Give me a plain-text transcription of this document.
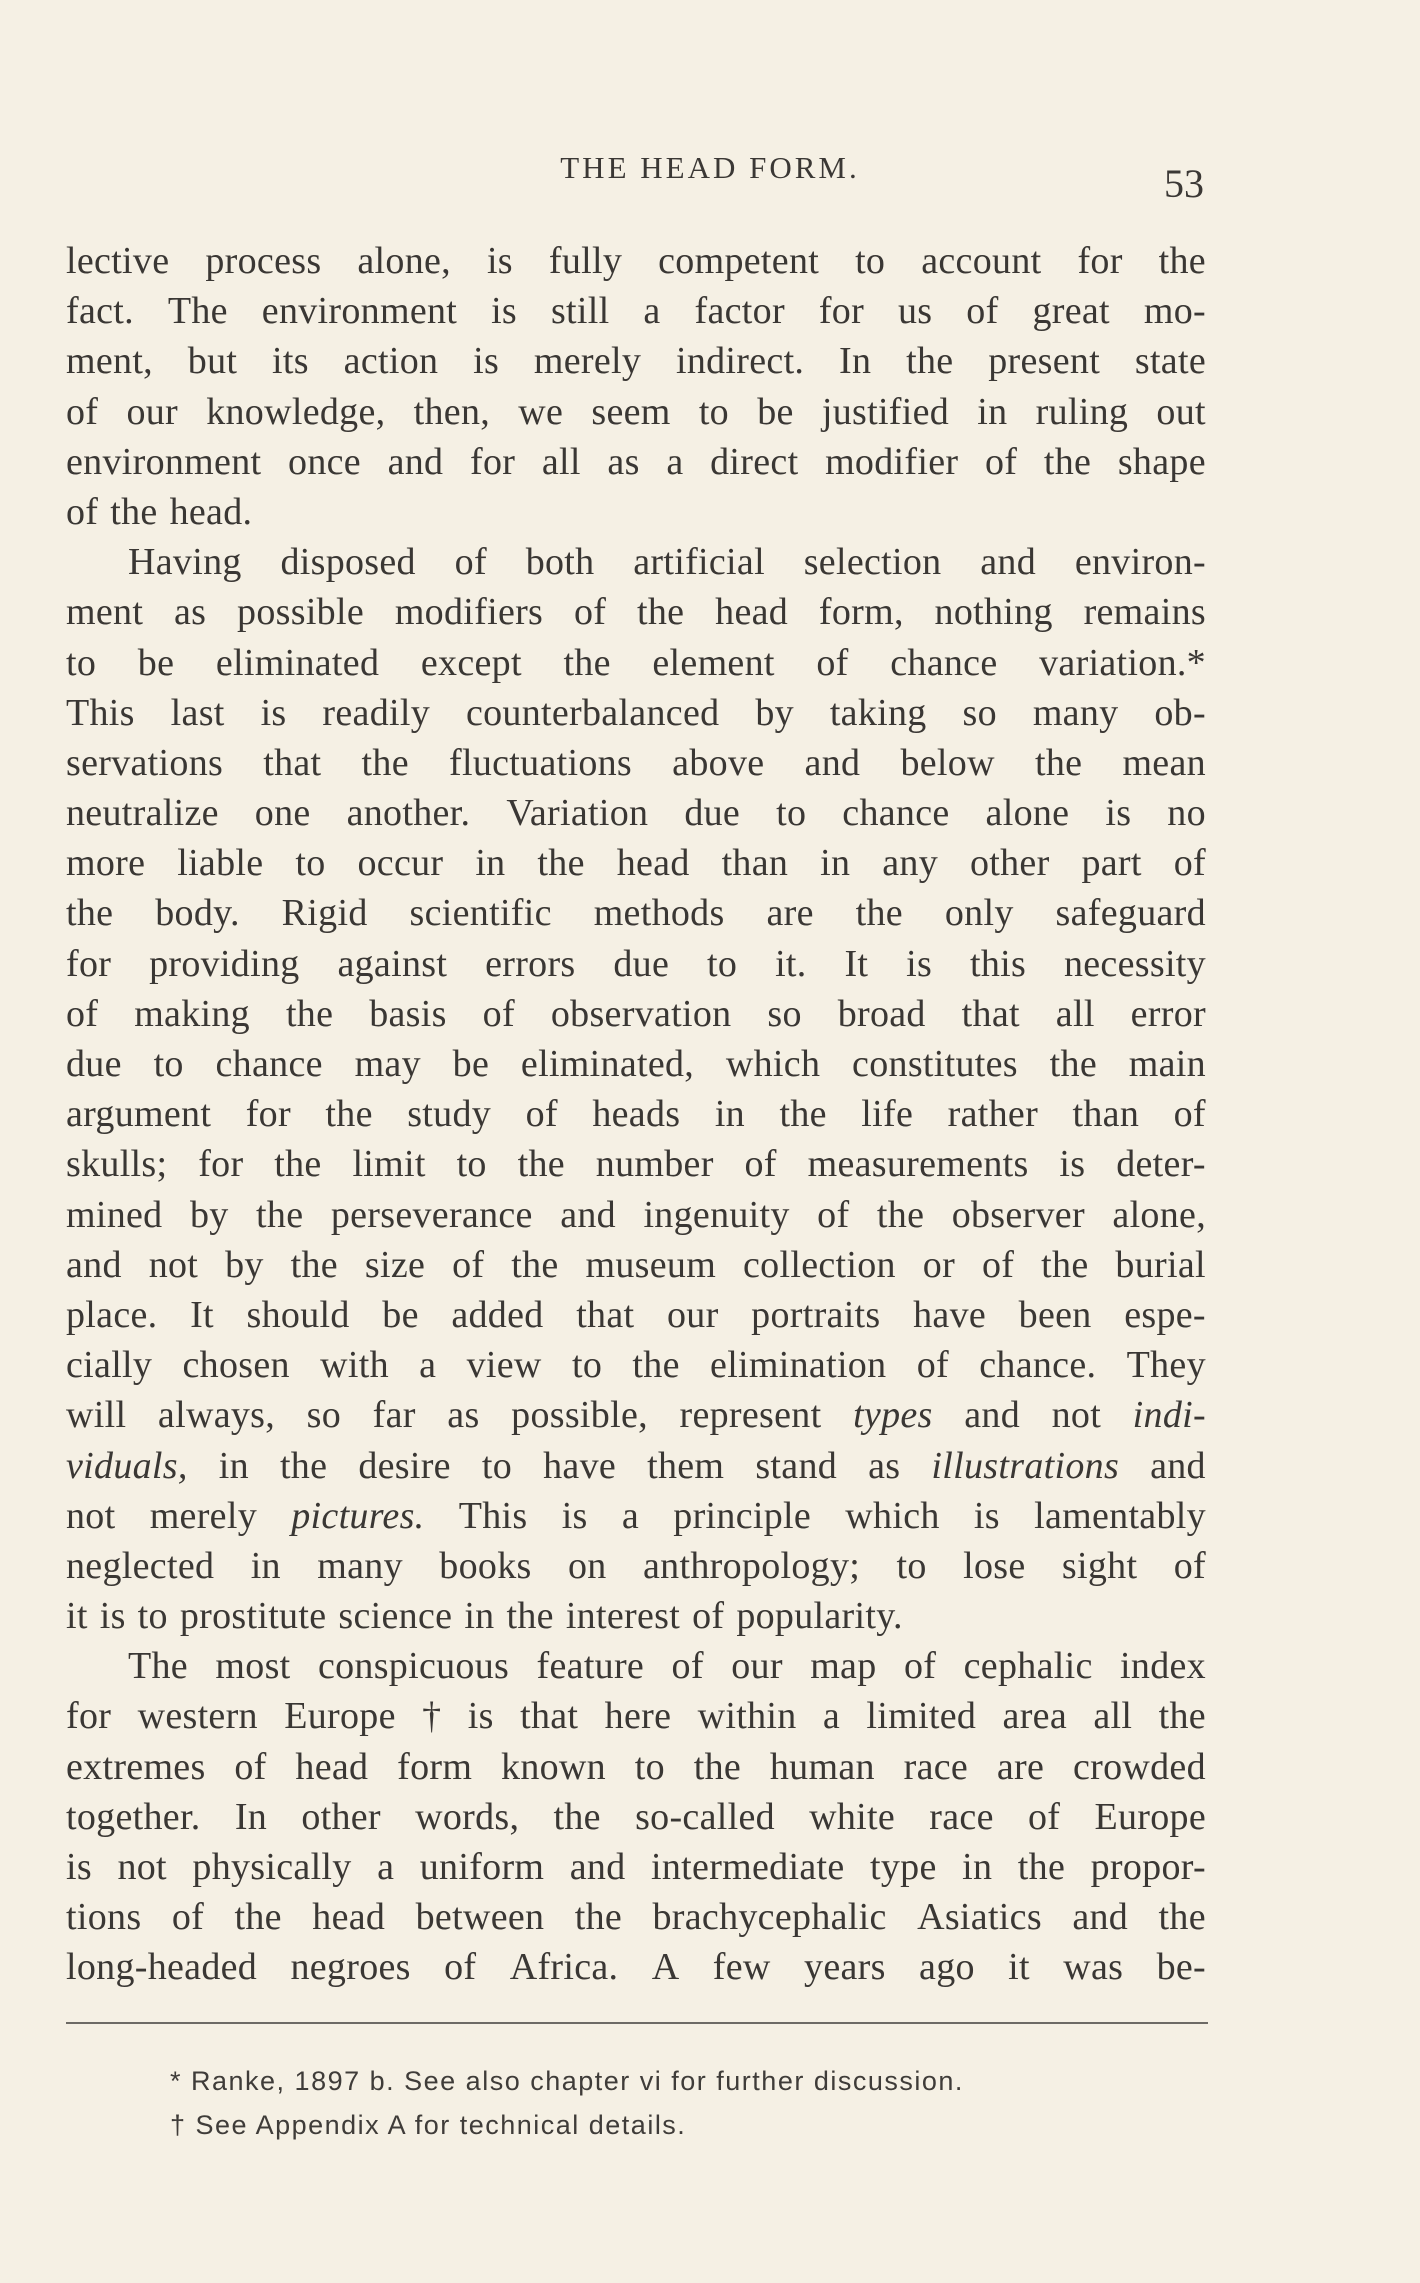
THE HEAD FORM.	53
lective process alone, is fully competent to account for the
fact. The environment is still a factor for us of great mo-
ment, but its action is merely indirect. In the present state
of our knowledge, then, we seem to be justified in ruling out
environment once and for all as a direct modifier of the shape
of the head.
Having disposed of both artificial selection and environ-
ment as possible modifiers of the head form, nothing remains
to be eliminated except the element of chance variation.*
This last is readily counterbalanced by taking so many ob-
servations that the fluctuations above and below the mean
neutralize one another. Variation due to chance alone is no
more liable to occur in the head than in any other part of
the body. Rigid scientific methods are the only safeguard
for providing against errors due to it. It is this necessity
of making the basis of observation so broad that all error
due to chance may be eliminated, which constitutes the main
argument for the study of heads in the life rather than of
skulls; for the limit to the number of measurements is deter-
mined by the perseverance and ingenuity of the observer alone,
and not by the size of the museum collection or of the burial
place. It should be added that our portraits have been espe-
cially chosen with a view to the elimination of chance. They
will always, so far as possible, represent types and not indi-
viduals, in the desire to have them stand as illustrations and
not merely pictures. This is a principle which is lamentably
neglected in many books on anthropology; to lose sight of
it is to prostitute science in the interest of popularity.
The most conspicuous feature of our map of cephalic index
for western Europe † is that here within a limited area all the
extremes of head form known to the human race are crowded
together. In other words, the so-called white race of Europe
is not physically a uniform and intermediate type in the propor-
tions of the head between the brachycephalic Asiatics and the
long-headed negroes of Africa. A few years ago it was be-
* Ranke, 1897 b. See also chapter vi for further discussion.
† See Appendix A for technical details.
